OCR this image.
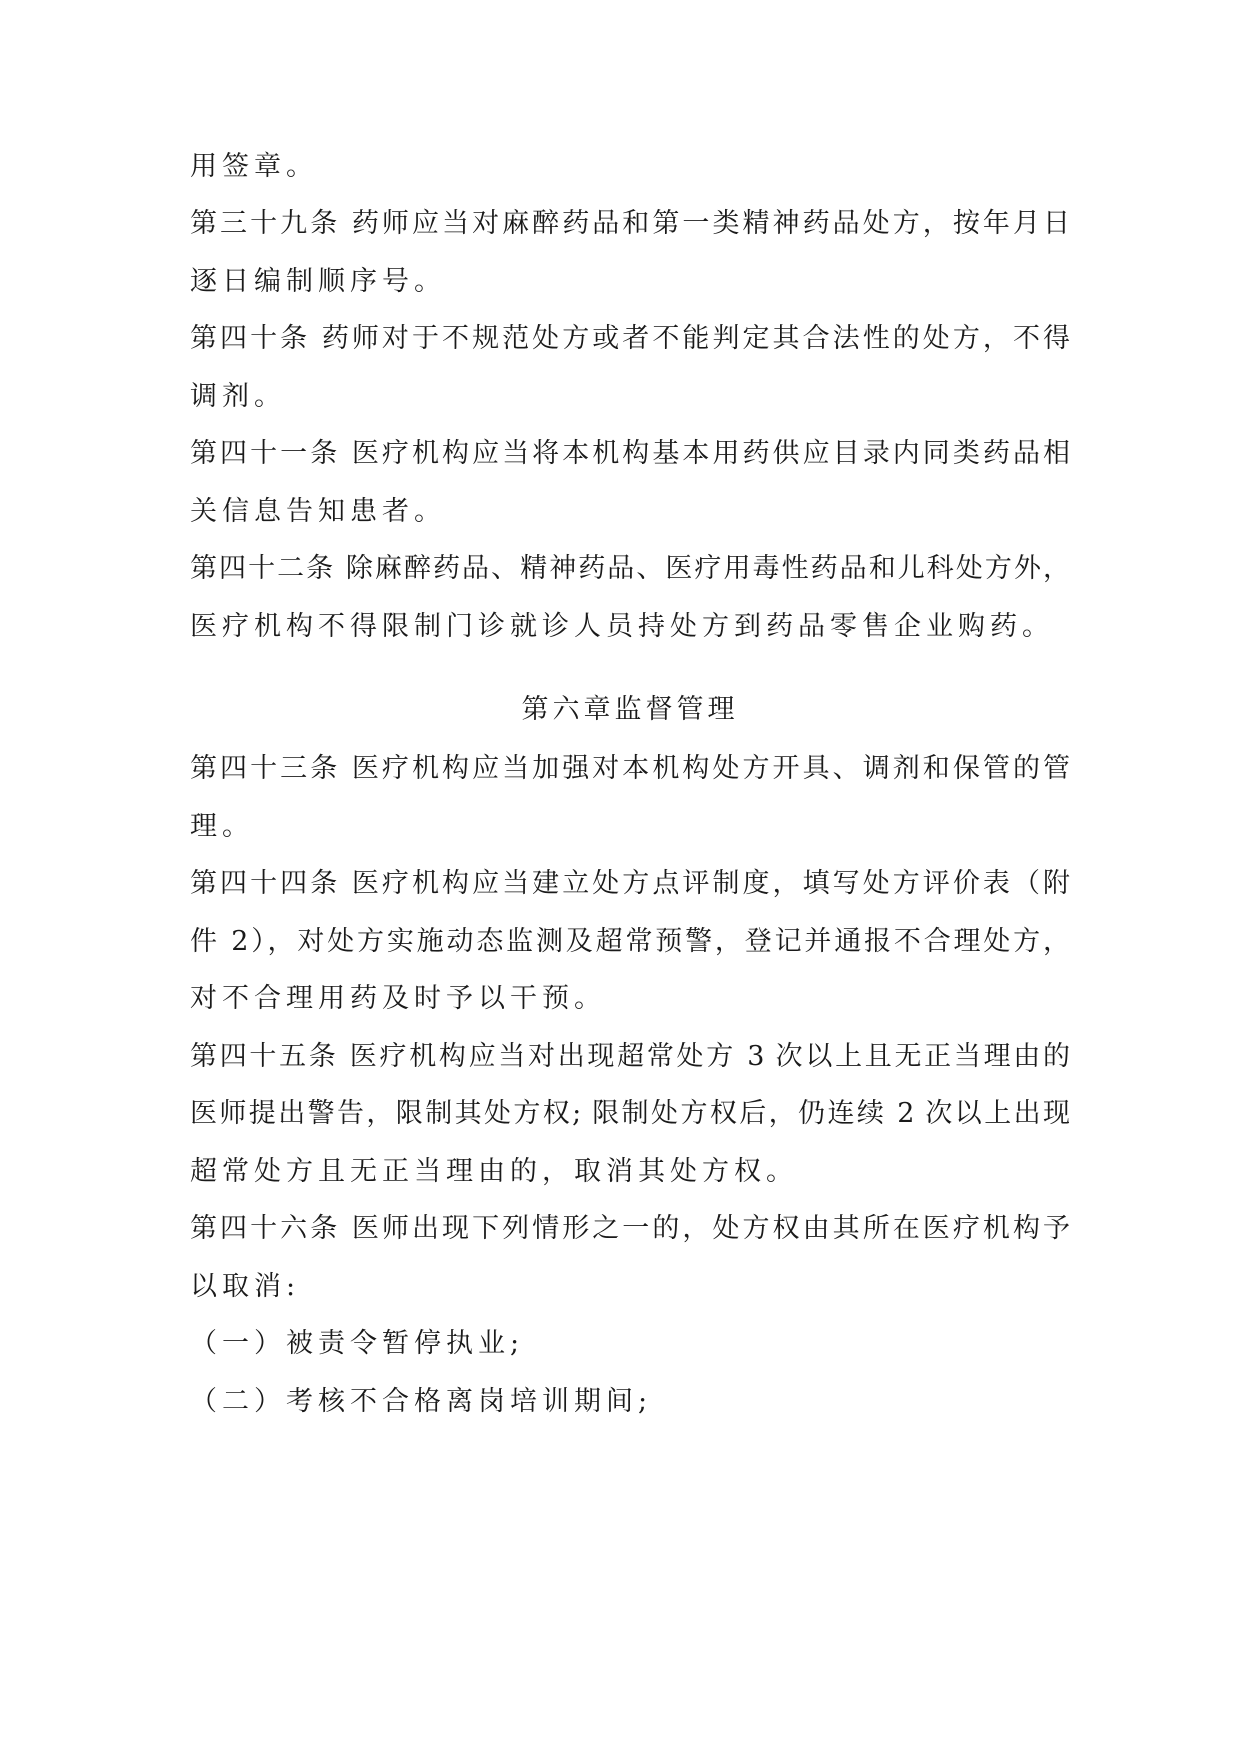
用签章。
第三十九条 药师应当对麻醉药品和第一类精神药品处方，按年月日
逐日编制顺序号。
第四十条 药师对于不规范处方或者不能判定其合法性的处方，不得
调剂。
第四十一条 医疗机构应当将本机构基本用药供应目录内同类药品相
关信息告知患者。
第四十二条 除麻醉药品、精神药品、医疗用毒性药品和儿科处方外，
医疗机构不得限制门诊就诊人员持处方到药品零售企业购药。
第六章监督管理
第四十三条 医疗机构应当加强对本机构处方开具、调剂和保管的管
理。
第四十四条 医疗机构应当建立处方点评制度，填写处方评价表（附
件 2），对处方实施动态监测及超常预警，登记并通报不合理处方，
对不合理用药及时予以干预。
第四十五条 医疗机构应当对出现超常处方 3 次以上且无正当理由的
医师提出警告，限制其处方权; 限制处方权后，仍连续 2 次以上出现
超常处方且无正当理由的，取消其处方权。
第四十六条 医师出现下列情形之一的，处方权由其所在医疗机构予
以取消:
（一）被责令暂停执业;
（二）考核不合格离岗培训期间;
